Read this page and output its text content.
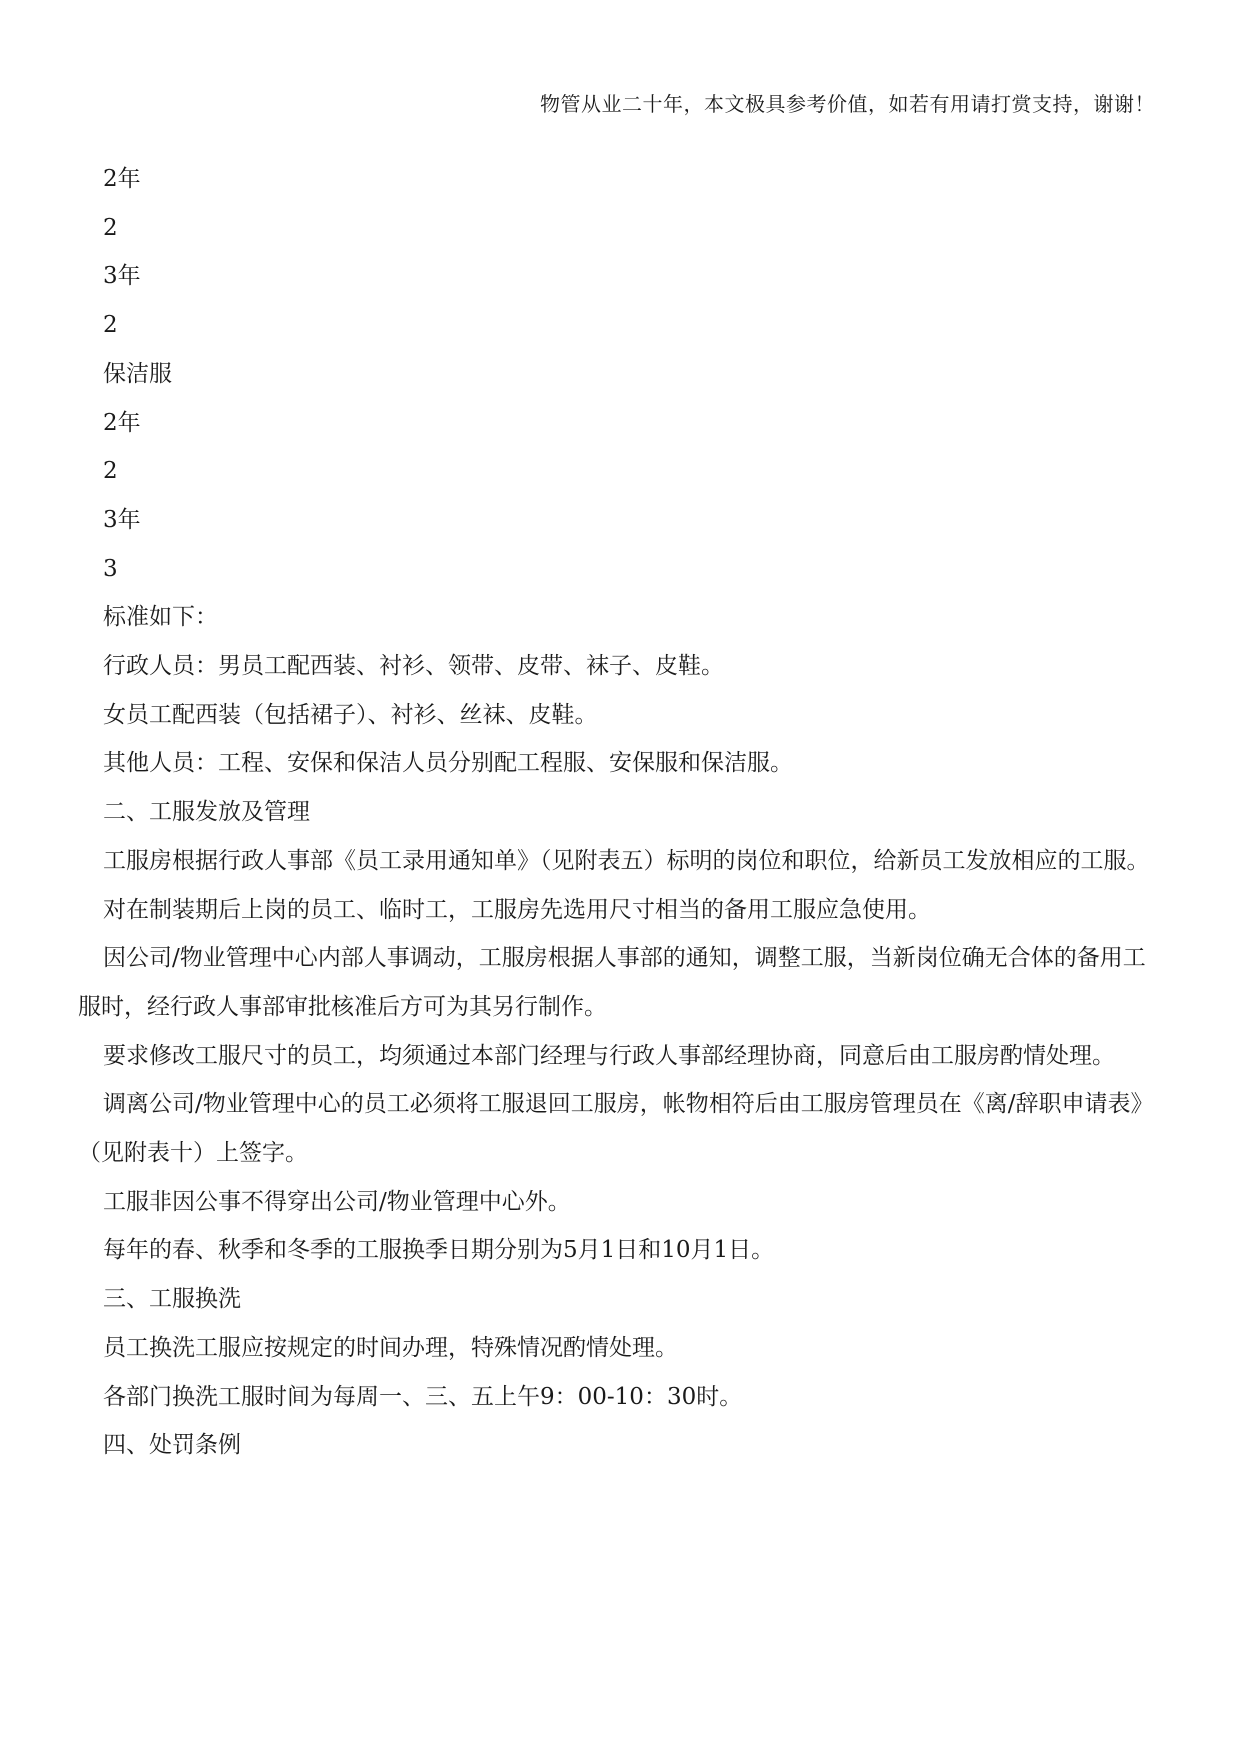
物管从业二十年，本文极具参考价值，如若有用请打赏支持，谢谢！

2年

2

3年

2

保洁服

2年

2

3年

3

标准如下：

行政人员：男员工配西装、衬衫、领带、皮带、袜子、皮鞋。

女员工配西装（包括裙子）、衬衫、丝袜、皮鞋。

其他人员：工程、安保和保洁人员分别配工程服、安保服和保洁服。

二、工服发放及管理

工服房根据行政人事部《员工录用通知单》（见附表五）标明的岗位和职位，给新员工发放相应的工服。

对在制装期后上岗的员工、临时工，工服房先选用尺寸相当的备用工服应急使用。

因公司/物业管理中心内部人事调动，工服房根据人事部的通知，调整工服，当新岗位确无合体的备用工服时，经行政人事部审批核准后方可为其另行制作。

要求修改工服尺寸的员工，均须通过本部门经理与行政人事部经理协商，同意后由工服房酌情处理。

调离公司/物业管理中心的员工必须将工服退回工服房，帐物相符后由工服房管理员在《离/辞职申请表》（见附表十）上签字。

工服非因公事不得穿出公司/物业管理中心外。

每年的春、秋季和冬季的工服换季日期分别为5月1日和10月1日。

三、工服换洗

员工换洗工服应按规定的时间办理，特殊情况酌情处理。

各部门换洗工服时间为每周一、三、五上午9：00-10：30时。

四、处罚条例
